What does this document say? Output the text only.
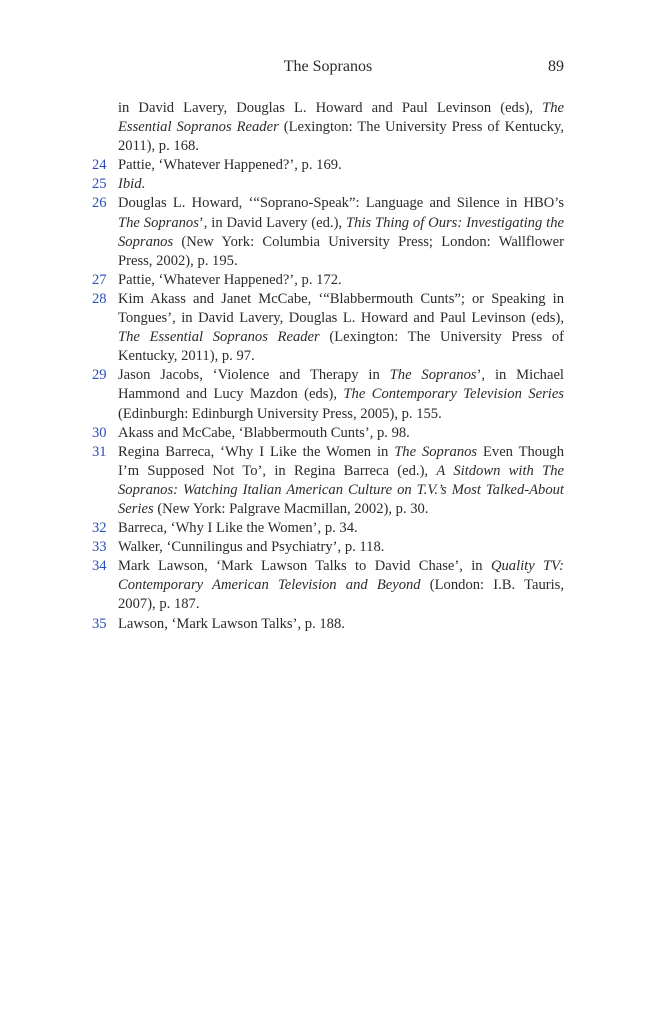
The Sopranos	89
in David Lavery, Douglas L. Howard and Paul Levinson (eds), The Essential Sopranos Reader (Lexington: The University Press of Kentucky, 2011), p. 168.
24 Pattie, ‘Whatever Happened?’, p. 169.
25 Ibid.
26 Douglas L. Howard, ‘“Soprano-Speak”: Language and Silence in HBO’s The Sopranos’, in David Lavery (ed.), This Thing of Ours: Investigating the Sopranos (New York: Columbia University Press; London: Wallflower Press, 2002), p. 195.
27 Pattie, ‘Whatever Happened?’, p. 172.
28 Kim Akass and Janet McCabe, ‘“Blabbermouth Cunts”; or Speaking in Tongues’, in David Lavery, Douglas L. Howard and Paul Levinson (eds), The Essential Sopranos Reader (Lexington: The University Press of Kentucky, 2011), p. 97.
29 Jason Jacobs, ‘Violence and Therapy in The Sopranos’, in Michael Hammond and Lucy Mazdon (eds), The Contemporary Television Series (Edinburgh: Edinburgh University Press, 2005), p. 155.
30 Akass and McCabe, ‘Blabbermouth Cunts’, p. 98.
31 Regina Barreca, ‘Why I Like the Women in The Sopranos Even Though I’m Supposed Not To’, in Regina Barreca (ed.), A Sitdown with The Sopranos: Watching Italian American Culture on T.V.’s Most Talked-About Series (New York: Palgrave Macmillan, 2002), p. 30.
32 Barreca, ‘Why I Like the Women’, p. 34.
33 Walker, ‘Cunnilingus and Psychiatry’, p. 118.
34 Mark Lawson, ‘Mark Lawson Talks to David Chase’, in Quality TV: Contemporary American Television and Beyond (London: I.B. Tauris, 2007), p. 187.
35 Lawson, ‘Mark Lawson Talks’, p. 188.
